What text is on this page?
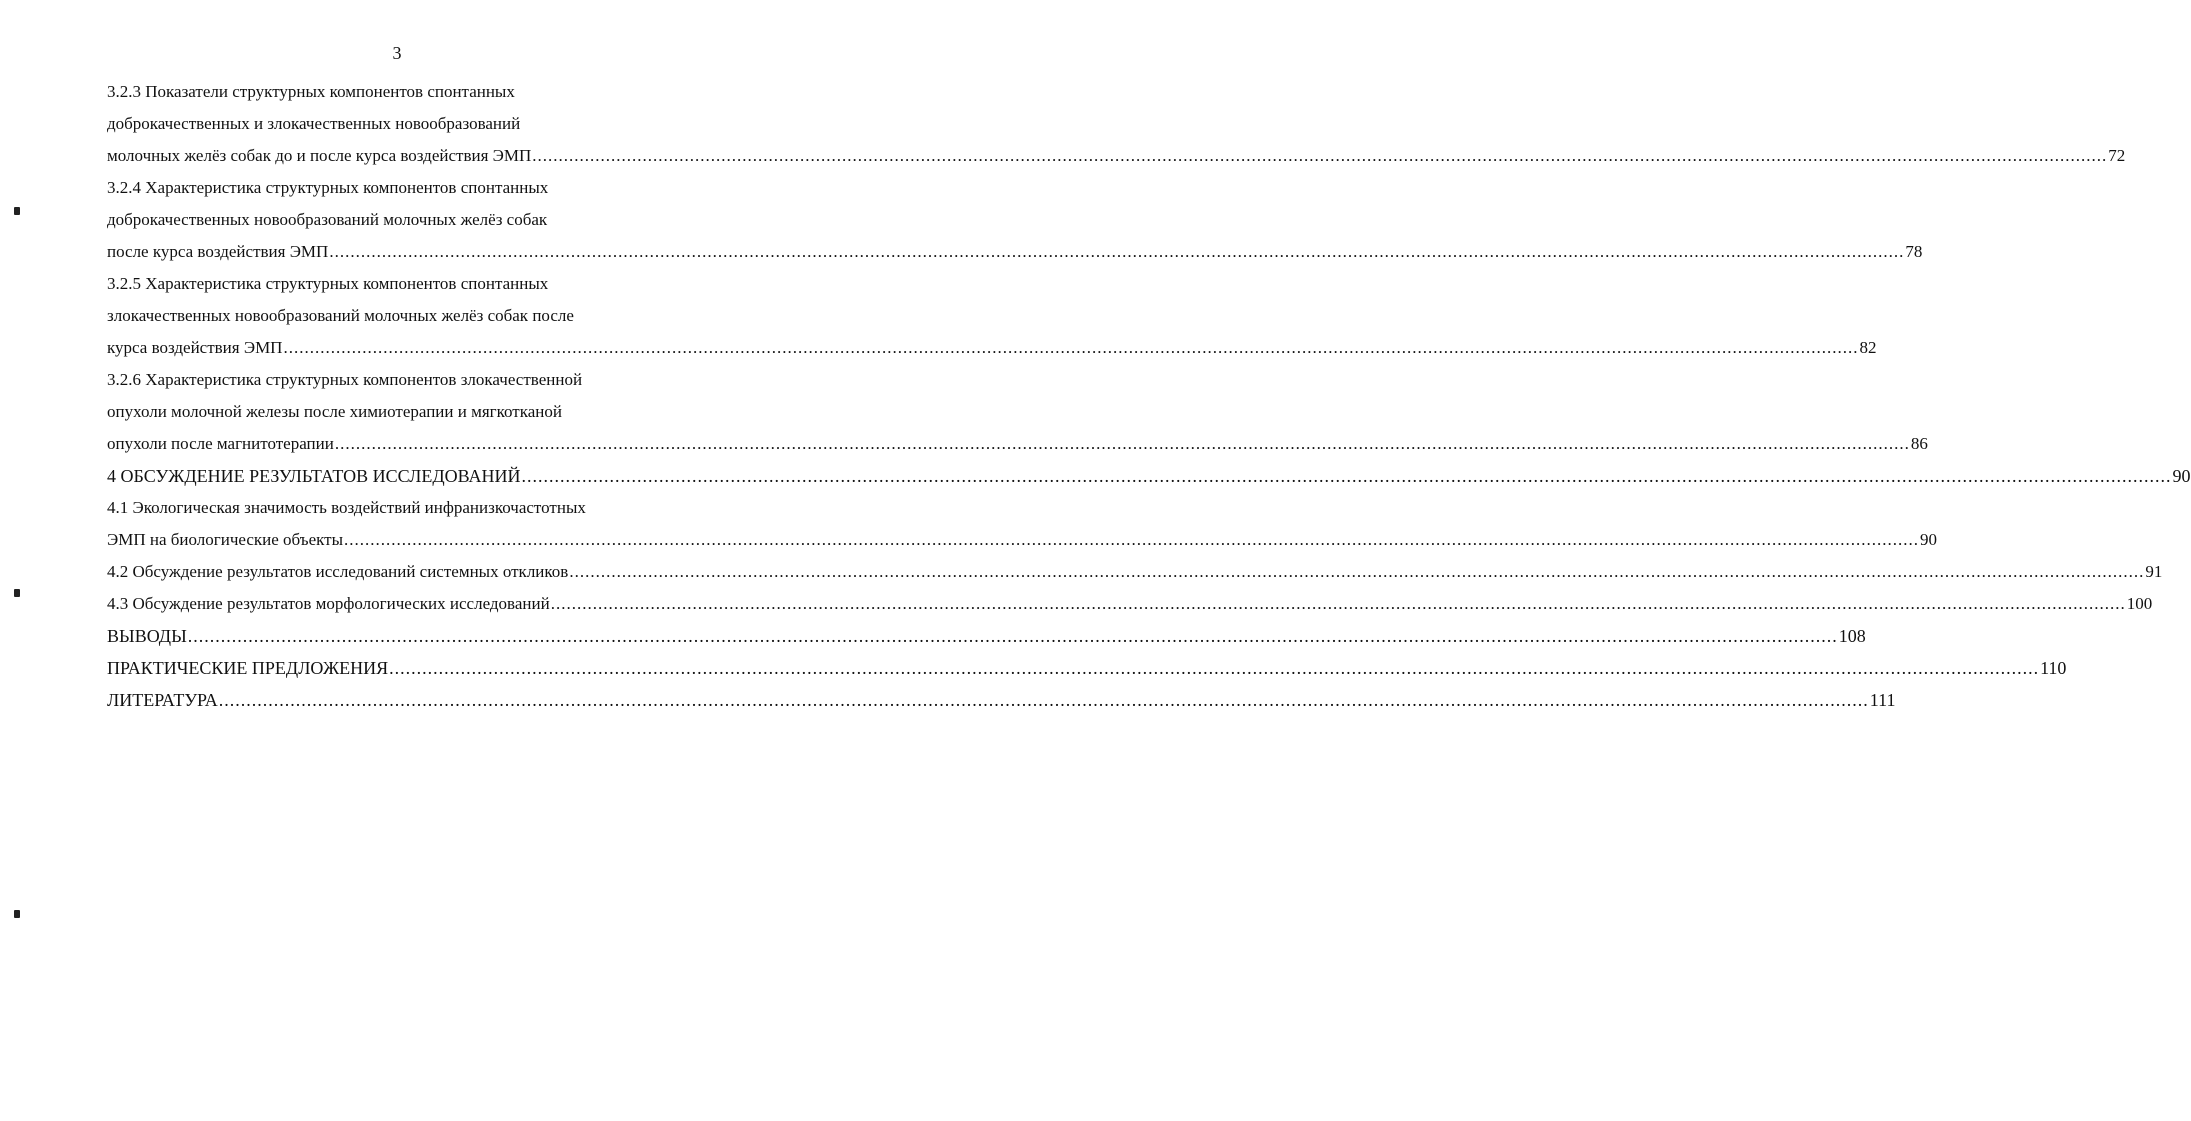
3
3.2.3 Показатели структурных компонентов спонтанных
доброкачественных и злокачественных новообразований
молочных желёз собак до и после курса воздействия ЭМП ............................................................................................................................................................................................................................................................................................................ 72
3.2.4 Характеристика структурных компонентов спонтанных
доброкачественных новообразований молочных желёз собак
после курса воздействия ЭМП ............................................................................................................................................................................................................................................................................................................ 78
3.2.5 Характеристика структурных компонентов спонтанных
злокачественных новообразований молочных желёз собак после
курса воздействия ЭМП ............................................................................................................................................................................................................................................................................................................ 82
3.2.6 Характеристика структурных компонентов злокачественной
опухоли молочной железы после химиотерапии и мягкотканой
опухоли после магнитотерапии ............................................................................................................................................................................................................................................................................................................ 86
4 ОБСУЖДЕНИЕ РЕЗУЛЬТАТОВ ИССЛЕДОВАНИЙ ............................................................................................................................................................................................................................................................................................................ 90
4.1 Экологическая значимость воздействий инфранизкочастотных
ЭМП на биологические объекты ............................................................................................................................................................................................................................................................................................................ 90
4.2 Обсуждение результатов исследований системных откликов ............................................................................................................................................................................................................................................................................................................ 91
4.3 Обсуждение результатов морфологических исследований ............................................................................................................................................................................................................................................................................................................ 100
ВЫВОДЫ ............................................................................................................................................................................................................................................................................................................ 108
ПРАКТИЧЕСКИЕ ПРЕДЛОЖЕНИЯ ............................................................................................................................................................................................................................................................................................................ 110
ЛИТЕРАТУРА ............................................................................................................................................................................................................................................................................................................ 111
